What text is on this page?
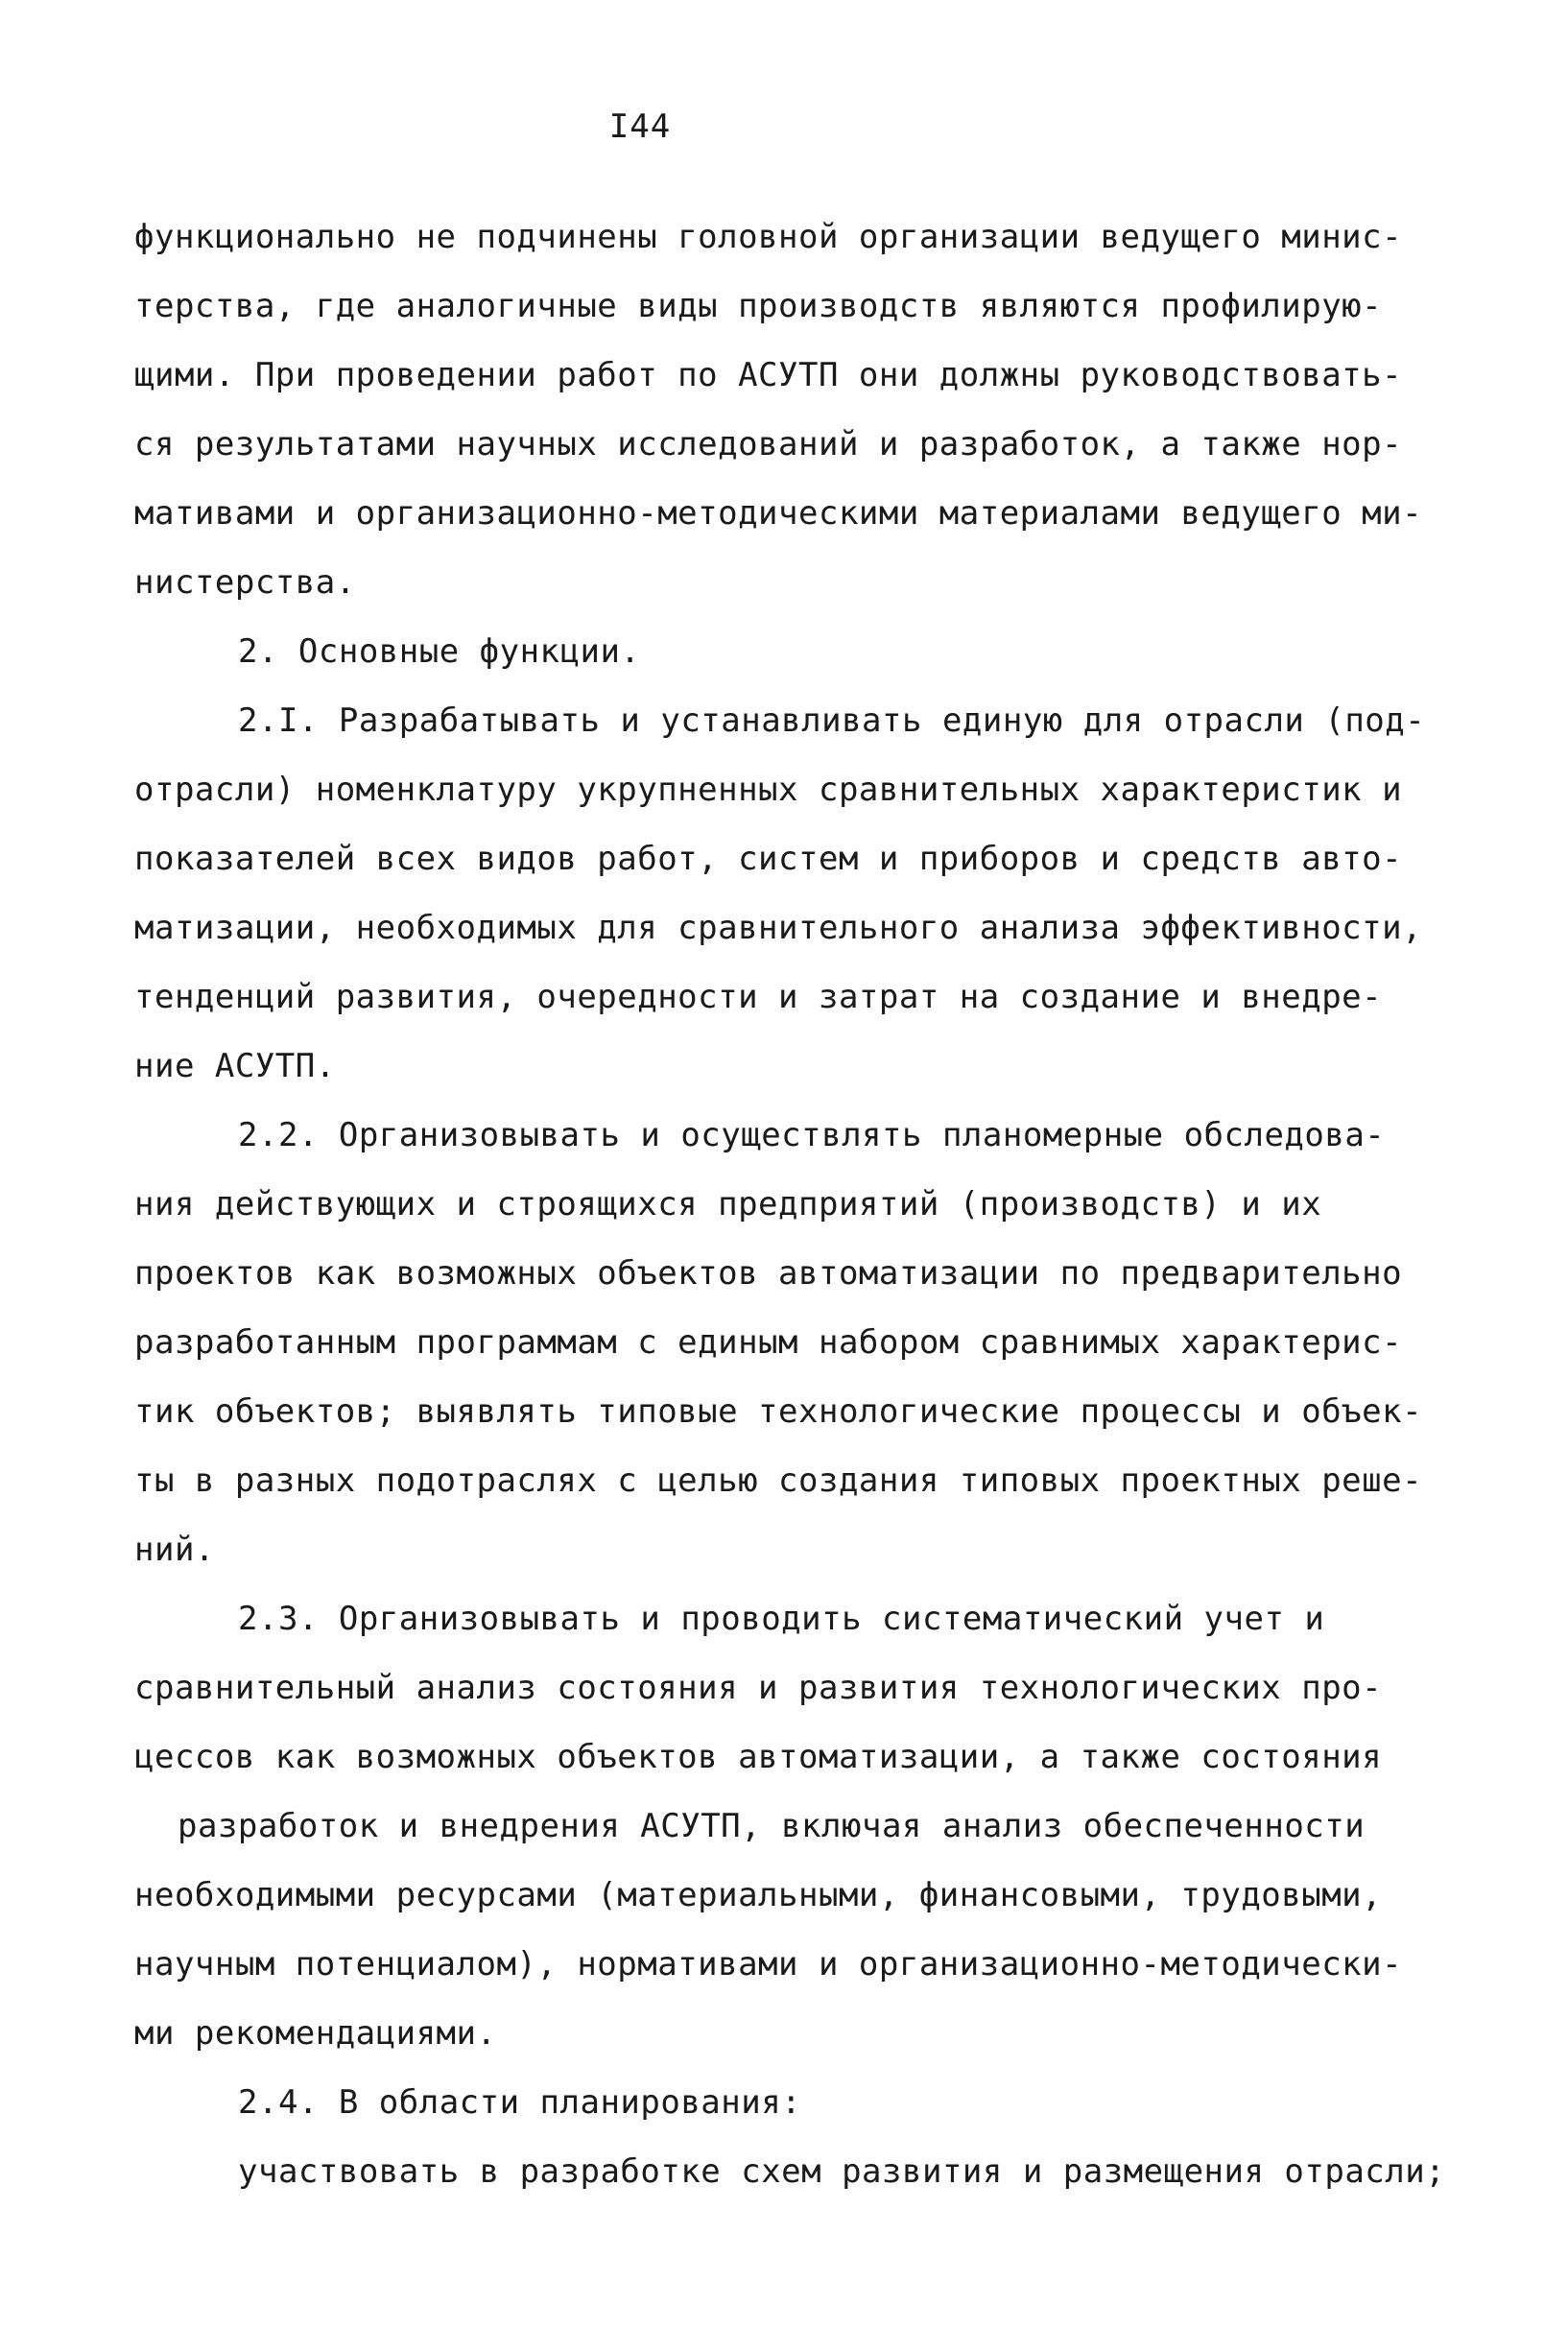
I44
функционально не подчинены головной организации ведущего минис-
терства, где аналогичные виды производств являются профилирую-
щими. При проведении работ по АСУТП они должны руководствовать-
ся результатами научных исследований и разработок, а также нор-
мативами и организационно-методическими материалами ведущего ми-
нистерства.
2. Основные функции.
2.I. Разрабатывать и устанавливать единую для отрасли (под-
отрасли) номенклатуру укрупненных сравнительных характеристик и
показателей всех видов работ, систем и приборов и средств авто-
матизации, необходимых для сравнительного анализа эффективности,
тенденций развития, очередности и затрат на создание и внедре-
ние АСУТП.
2.2. Организовывать и осуществлять планомерные обследова-
ния действующих и строящихся предприятий (производств) и их
проектов как возможных объектов автоматизации по предварительно
разработанным программам с единым набором сравнимых характерис-
тик объектов; выявлять типовые технологические процессы и объек-
ты в разных подотраслях с целью создания типовых проектных реше-
ний.
2.3. Организовывать и проводить систематический учет и
сравнительный анализ состояния и развития технологических про-
цессов как возможных объектов автоматизации, а также состояния
разработок и внедрения АСУТП, включая анализ обеспеченности
необходимыми ресурсами (материальными, финансовыми, трудовыми,
научным потенциалом), нормативами и организационно-методически-
ми рекомендациями.
2.4. В области планирования:
участвовать в разработке схем развития и размещения отрасли;
